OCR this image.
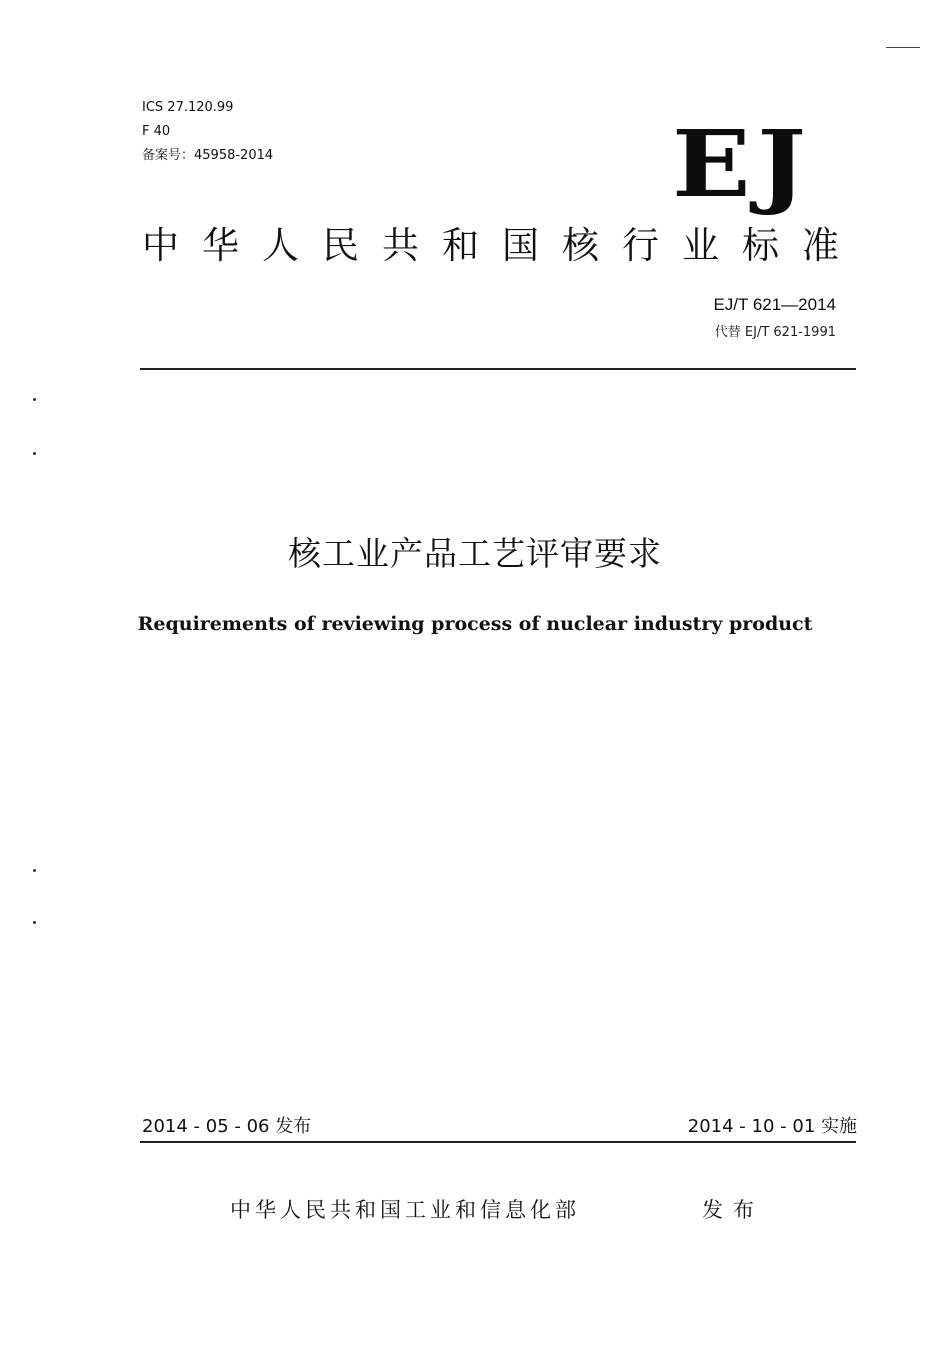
ICS 27.120.99
F 40
备案号：45958-2014	EJ
中华人民共和国核行业标准
EJ/T 621—2014
代替 EJ/T 621-1991
核工业产品工艺评审要求
Requirements of reviewing process of nuclear industry product
2014 - 05 - 06 发布	2014 - 10 - 01 实施
中华人民共和国工业和信息化部	发布
